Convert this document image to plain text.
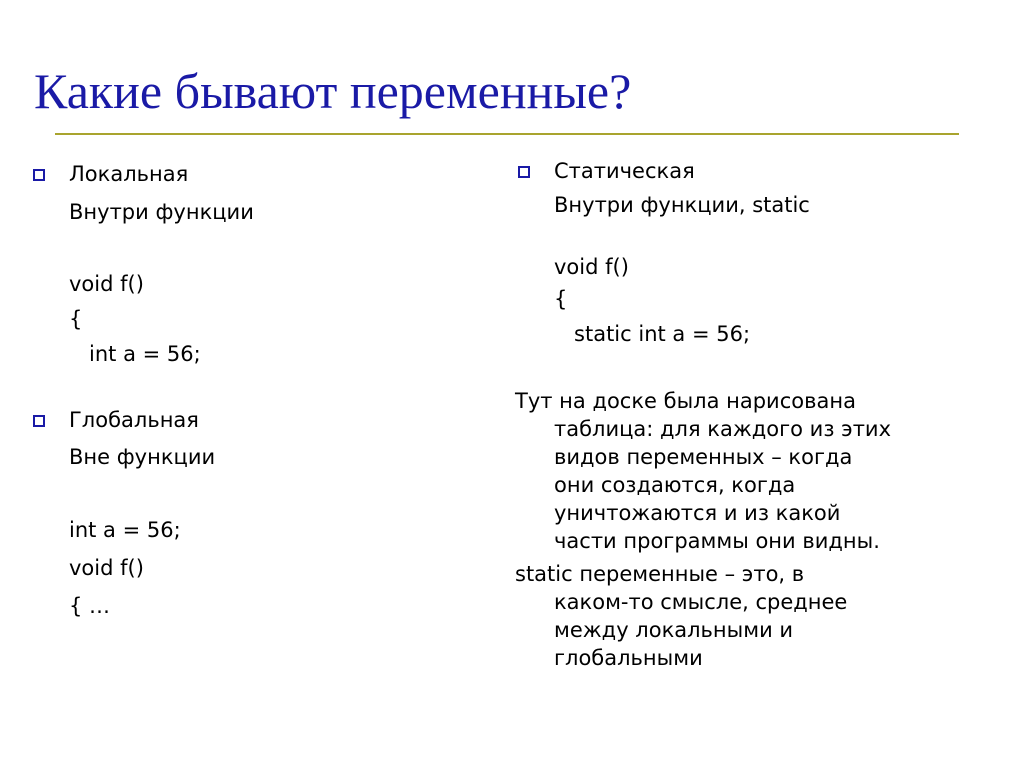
Какие бывают переменные?
Локальная
Внутри функции
void f()
{
int a = 56;
Глобальная
Вне функции
int a = 56;
void f()
{ …
Статическая
Внутри функции, static
void f()
{
static int a = 56;
Тут на доске была нарисована
таблица: для каждого из этих
видов переменных – когда
они создаются, когда
уничтожаются и из какой
части программы они видны.
static переменные – это, в
каком-то смысле, среднее
между локальными и
глобальными
